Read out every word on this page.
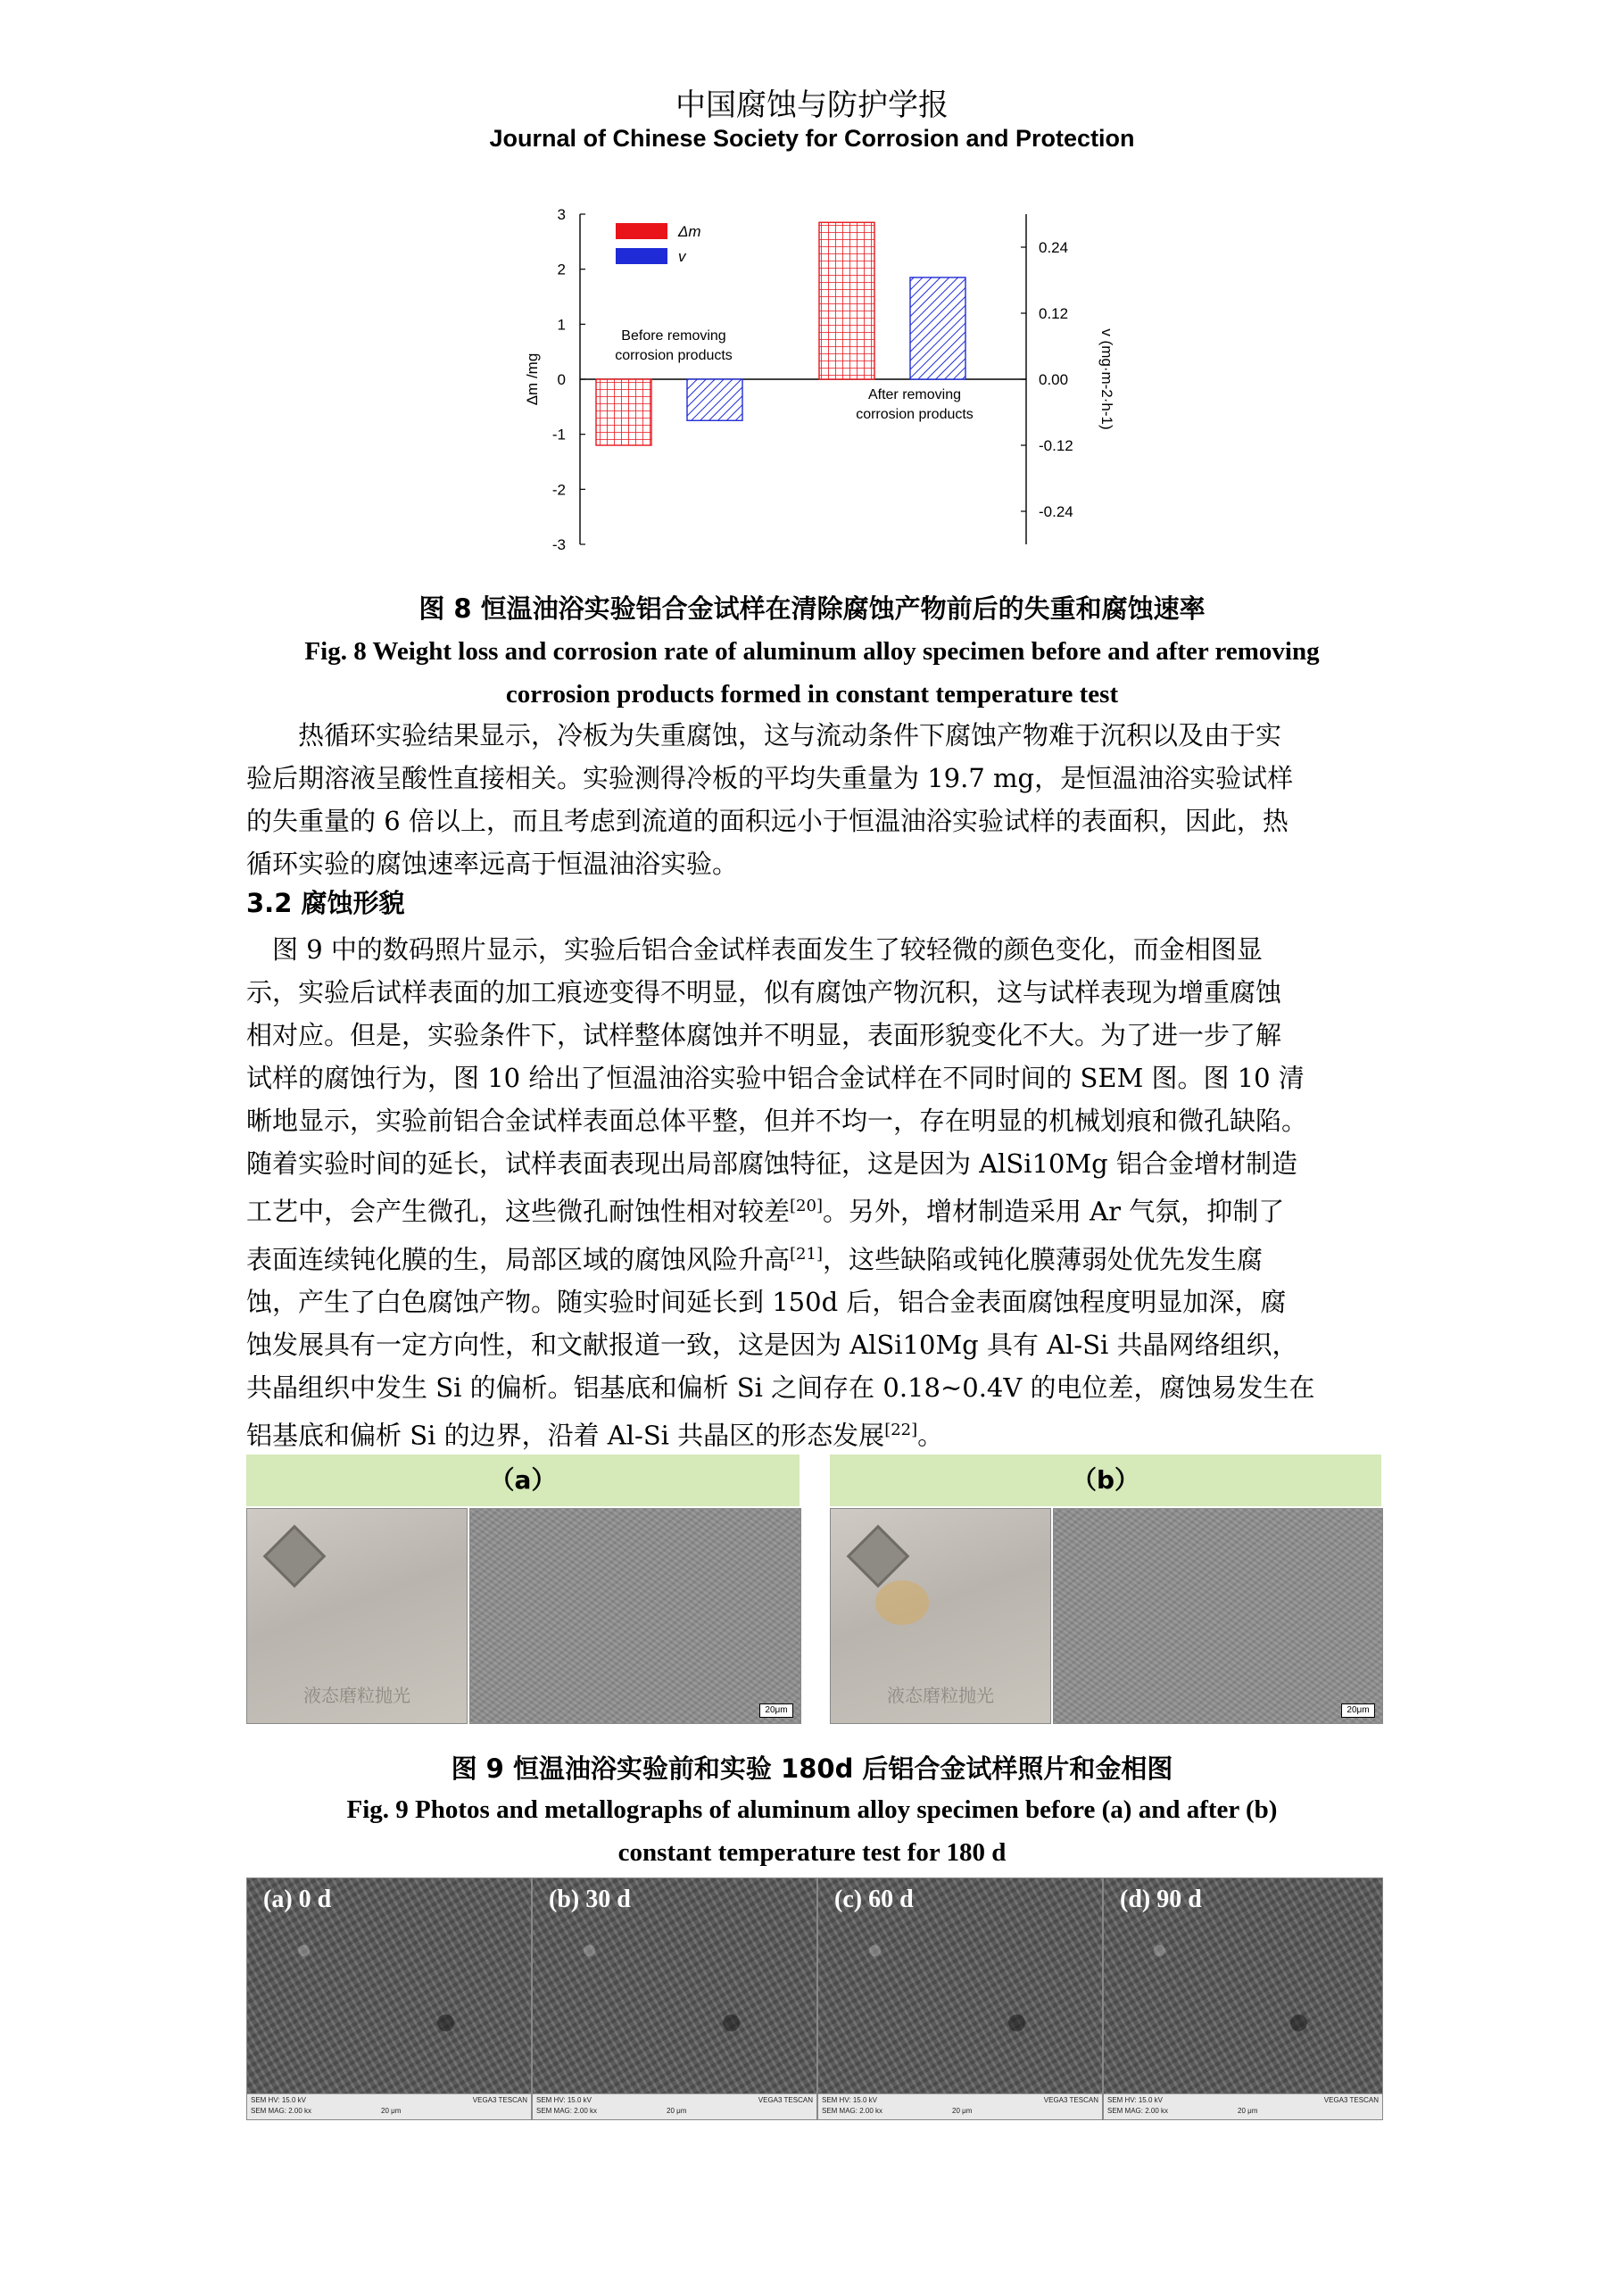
中国腐蚀与防护学报
Journal of Chinese Society for Corrosion and Protection
3
2
1
0
-1
-2
-3
0.24
0.12
0.00
-0.12
-0.24
Δm /mg	v (mg·m-2·h-1)
Before removing
corrosion products
After removing
corrosion products
Δm
v
图 8 恒温油浴实验铝合金试样在清除腐蚀产物前后的失重和腐蚀速率
Fig. 8 Weight loss and corrosion rate of aluminum alloy specimen before and after removing
corrosion products formed in constant temperature test
　　热循环实验结果显示，冷板为失重腐蚀，这与流动条件下腐蚀产物难于沉积以及由于实
验后期溶液呈酸性直接相关。实验测得冷板的平均失重量为 19.7 mg，是恒温油浴实验试样
的失重量的 6 倍以上，而且考虑到流道的面积远小于恒温油浴实验试样的表面积，因此，热
循环实验的腐蚀速率远高于恒温油浴实验。
3.2 腐蚀形貌
　图 9 中的数码照片显示，实验后铝合金试样表面发生了较轻微的颜色变化，而金相图显
示，实验后试样表面的加工痕迹变得不明显，似有腐蚀产物沉积，这与试样表现为增重腐蚀
相对应。但是，实验条件下，试样整体腐蚀并不明显，表面形貌变化不大。为了进一步了解
试样的腐蚀行为，图 10 给出了恒温油浴实验中铝合金试样在不同时间的 SEM 图。图 10 清
晰地显示，实验前铝合金试样表面总体平整，但并不均一，存在明显的机械划痕和微孔缺陷。
随着实验时间的延长，试样表面表现出局部腐蚀特征，这是因为 AlSi10Mg 铝合金增材制造
工艺中，会产生微孔，这些微孔耐蚀性相对较差[20]。另外，增材制造采用 Ar 气氛，抑制了
表面连续钝化膜的生，局部区域的腐蚀风险升高[21]，这些缺陷或钝化膜薄弱处优先发生腐
蚀，产生了白色腐蚀产物。随实验时间延长到 150d 后，铝合金表面腐蚀程度明显加深，腐
蚀发展具有一定方向性，和文献报道一致，这是因为 AlSi10Mg 具有 Al-Si 共晶网络组织，
共晶组织中发生 Si 的偏析。铝基底和偏析 Si 之间存在 0.18~0.4V 的电位差，腐蚀易发生在
铝基底和偏析 Si 的边界，沿着 Al-Si 共晶区的形态发展[22]。
（a）	（b）
液态磨粒抛光
20μm
液态磨粒抛光
20μm
图 9 恒温油浴实验前和实验 180d 后铝合金试样照片和金相图
Fig. 9 Photos and metallographs of aluminum alloy specimen before (a) and after (b)
constant temperature test for 180 d
(a) 0 d
SEM HV: 15.0 kV
SEM MAG: 2.00 kx	20 μm
VEGA3 TESCAN
(b) 30 d
SEM HV: 15.0 kV
SEM MAG: 2.00 kx	20 μm
VEGA3 TESCAN
(c) 60 d
SEM HV: 15.0 kV
SEM MAG: 2.00 kx	20 μm
VEGA3 TESCAN
(d) 90 d
SEM HV: 15.0 kV
SEM MAG: 2.00 kx	20 μm
VEGA3 TESCAN
